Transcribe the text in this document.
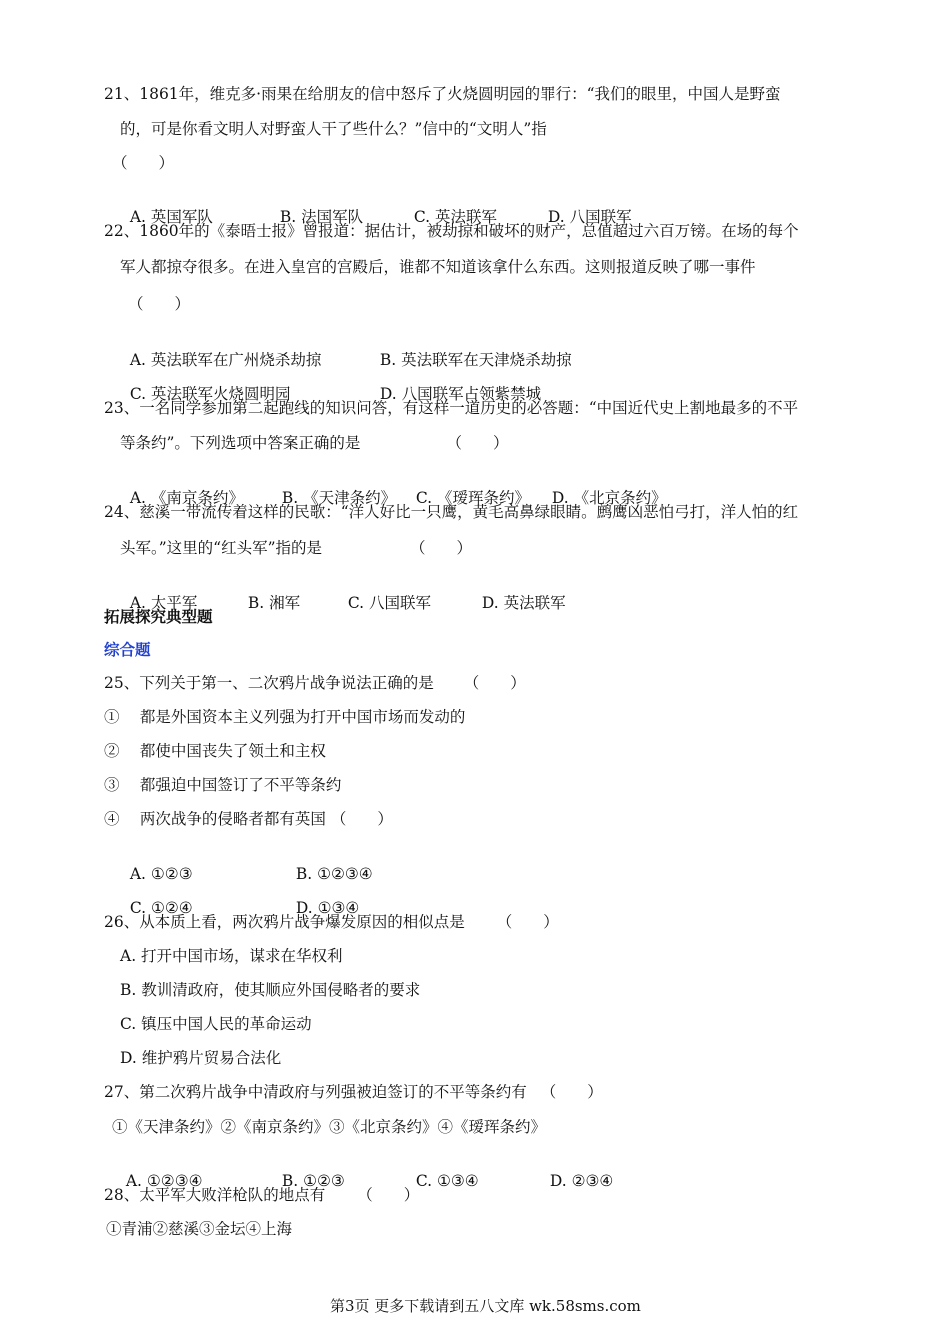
21、1861年，维克多·雨果在给朋友的信中怒斥了火烧圆明园的罪行：“我们的眼里，中国人是野蛮
的，可是你看文明人对野蛮人干了些什么？”信中的“文明人”指
（　　）

A. 英国军队	B. 法国军队	C. 英法联军	D. 八国联军

22、1860年的《泰晤士报》曾报道：据估计，被劫掠和破坏的财产，总值超过六百万镑。在场的每个
军人都掠夺很多。在进入皇宫的宫殿后，谁都不知道该拿什么东西。这则报道反映了哪一事件
（　　）

A. 英法联军在广州烧杀劫掠	B. 英法联军在天津烧杀劫掠

C. 英法联军火烧圆明园	D. 八国联军占领紫禁城

23、一名同学参加第二起跑线的知识问答，有这样一道历史的必答题：“中国近代史上割地最多的不平
等条约”。下列选项中答案正确的是	（　　）

A. 《南京条约》 B. 《天津条约》 C. 《瑷珲条约》 D. 《北京条约》

24、慈溪一带流传着这样的民歌：“洋人好比一只鹰，黄毛高鼻绿眼睛。鹧鹰凶恶怕弓打，洋人怕的红
头军。”这里的“红头军”指的是	（　　）

A. 太平军	B. 湘军	C. 八国联军	D. 英法联军

拓展探究典型题
综合题
25、下列关于第一、二次鸦片战争说法正确的是 （　　）
①　 都是外国资本主义列强为打开中国市场而发动的
②　 都使中国丧失了领土和主权
③　 都强迫中国签订了不平等条约
④　 两次战争的侵略者都有英国 （　　）

A. ①②③	B. ①②③④

C. ①②④	D. ①③④

26、从本质上看，两次鸦片战争爆发原因的相似点是 （　　）
A. 打开中国市场，谋求在华权利
B. 教训清政府，使其顺应外国侵略者的要求
C. 镇压中国人民的革命运动
D. 维护鸦片贸易合法化
27、第二次鸦片战争中清政府与列强被迫签订的不平等条约有 （　　）
①《天津条约》②《南京条约》③《北京条约》④《瑷珲条约》

A. ①②③④	B. ①②③	C. ①③④	D. ②③④

28、太平军大败洋枪队的地点有 （　　）
①青浦②慈溪③金坛④上海
第3页 更多下载请到五八文库 wk.58sms.com
